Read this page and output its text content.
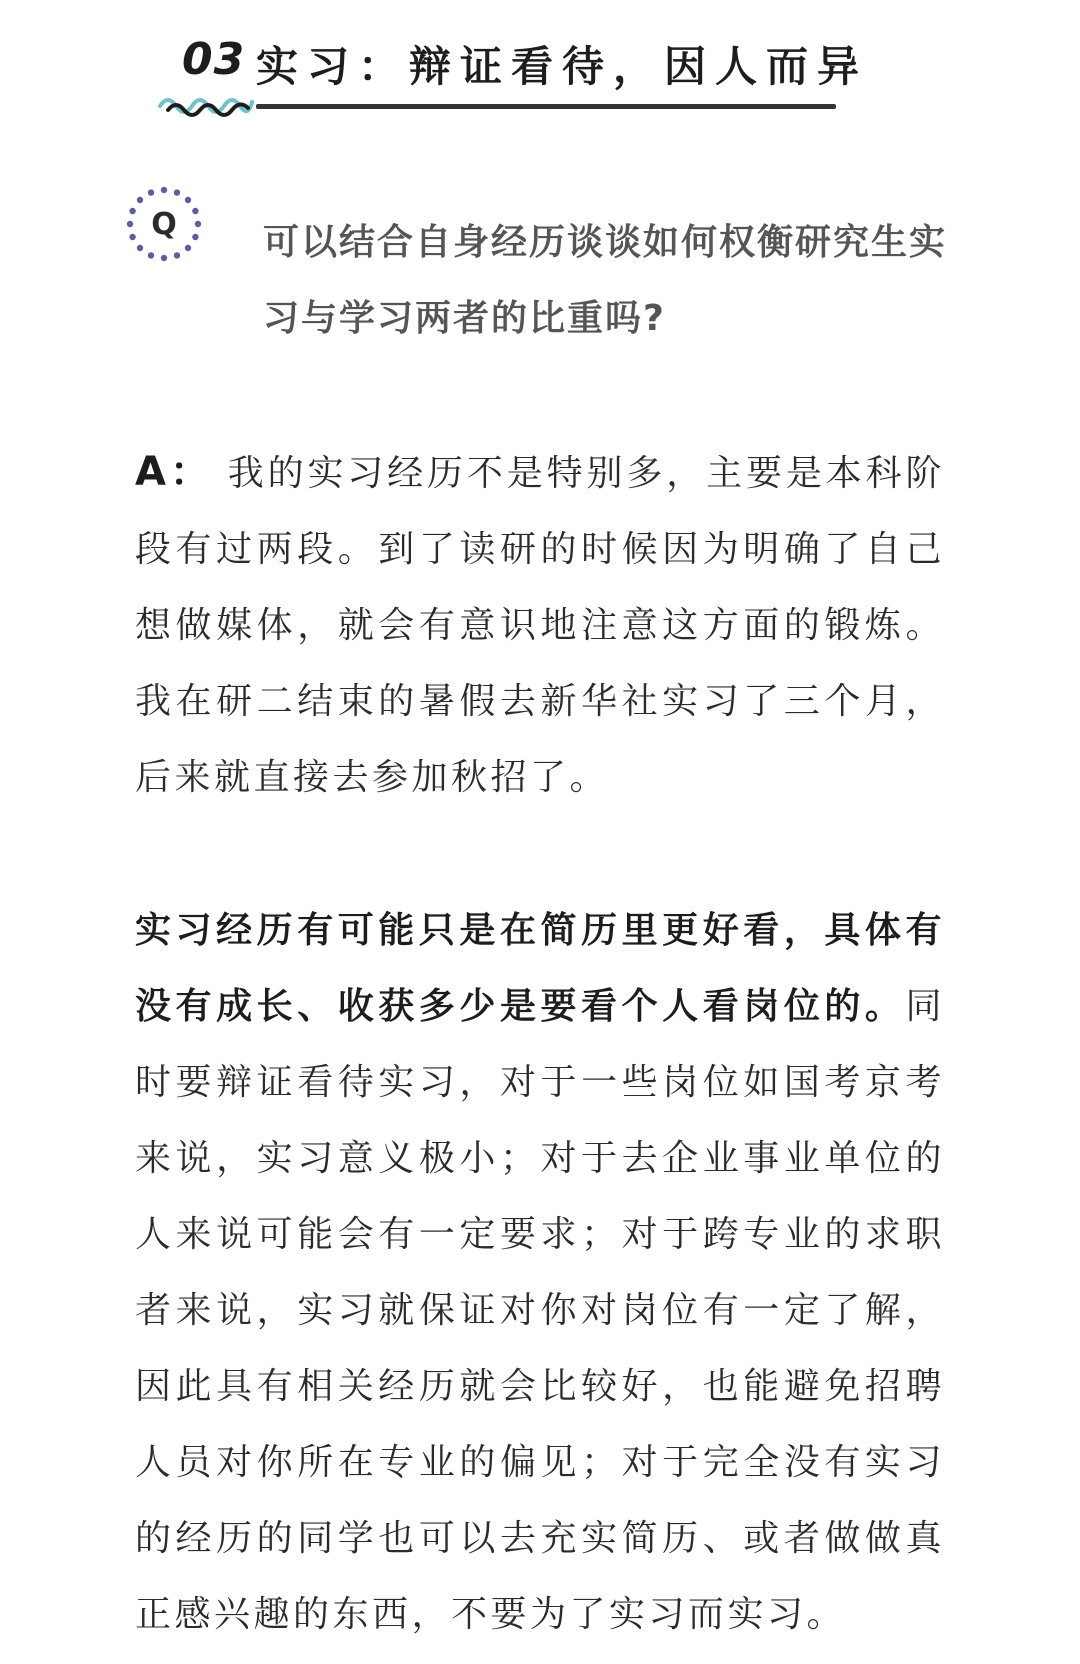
03 实习：辩证看待，因人而异
Q 可以结合自身经历谈谈如何权衡研究生实习与学习两者的比重吗?
A： 我的实习经历不是特别多，主要是本科阶段有过两段。到了读研的时候因为明确了自己想做媒体，就会有意识地注意这方面的锻炼。我在研二结束的暑假去新华社实习了三个月，后来就直接去参加秋招了。
实习经历有可能只是在简历里更好看，具体有没有成长、收获多少是要看个人看岗位的。同时要辩证看待实习，对于一些岗位如国考京考来说，实习意义极小；对于去企业事业单位的人来说可能会有一定要求；对于跨专业的求职者来说，实习就保证对你对岗位有一定了解，因此具有相关经历就会比较好，也能避免招聘人员对你所在专业的偏见；对于完全没有实习的经历的同学也可以去充实简历、或者做做真正感兴趣的东西，不要为了实习而实习。
